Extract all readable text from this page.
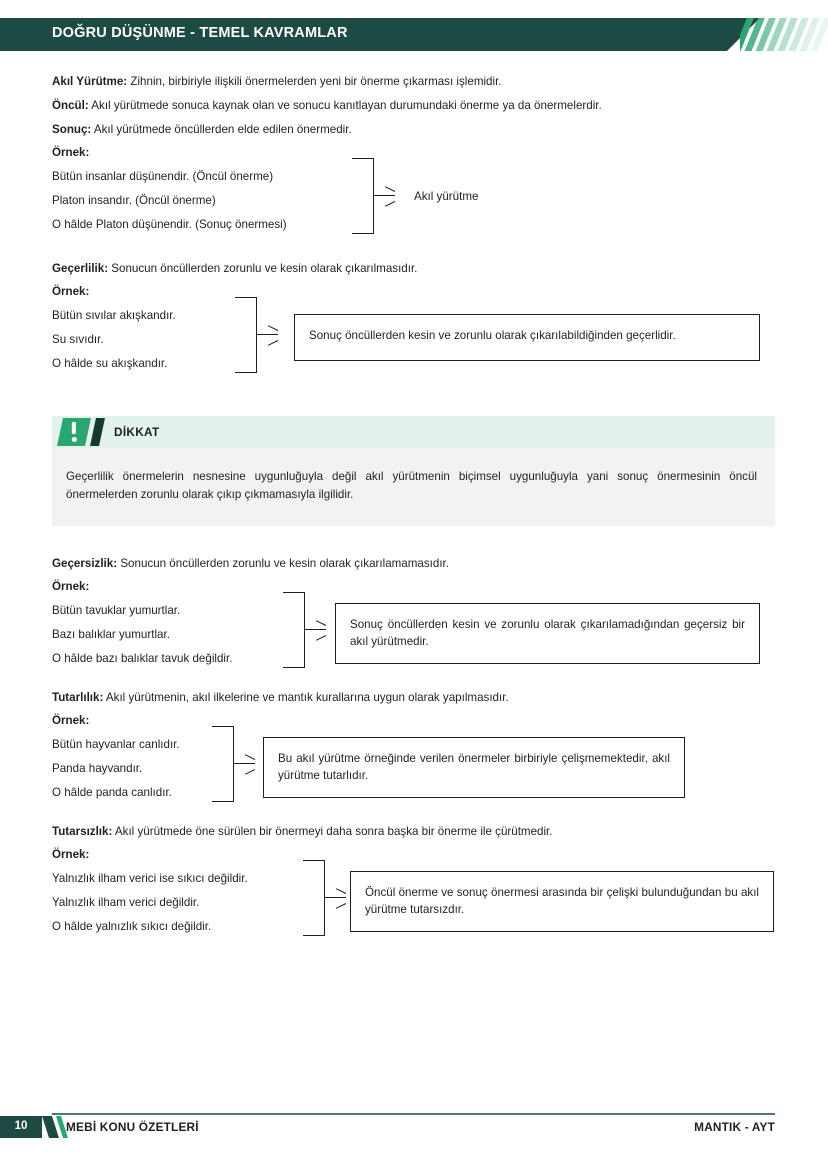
DOĞRU DÜŞÜNME - TEMEL KAVRAMLAR
Akıl Yürütme: Zihnin, birbiriyle ilişkili önermelerden yeni bir önerme çıkarması işlemidir.
Öncül: Akıl yürütmede sonuca kaynak olan ve sonucu kanıtlayan durumundaki önerme ya da önermelerdir.
Sonuç: Akıl yürütmede öncüllerden elde edilen önermedir.
Örnek:
Bütün insanlar düşünendir. (Öncül önerme)
Platon insandır. (Öncül önerme)
O hâlde Platon düşünendir. (Sonuç önermesi)
Akıl yürütme
Geçerlilik: Sonucun öncüllerden zorunlu ve kesin olarak çıkarılmasıdır.
Örnek:
Bütün sıvılar akışkandır.
Su sıvıdır.
O hâlde su akışkandır.

Sonuç öncüllerden kesin ve zorunlu olarak çıkarılabildiğinden geçerlidir.

DİKKAT

Geçerlilik önermelerin nesnesine uygunluğuyla değil akıl yürütmenin biçimsel uygunluğuyla yani sonuç önermesinin öncül önermelerden zorunlu olarak çıkıp çıkmamasıyla ilgilidir.

Geçersizlik: Sonucun öncüllerden zorunlu ve kesin olarak çıkarılamamasıdır.
Örnek:
Bütün tavuklar yumurtlar.
Bazı balıklar yumurtlar.
O hâlde bazı balıklar tavuk değildir.

Sonuç öncüllerden kesin ve zorunlu olarak çıkarılamadığından geçersiz bir akıl yürütmedir.

Tutarlılık: Akıl yürütmenin, akıl ilkelerine ve mantık kurallarına uygun olarak yapılmasıdır.
Örnek:
Bütün hayvanlar canlıdır.
Panda hayvandır.
O hâlde panda canlıdır.

Bu akıl yürütme örneğinde verilen önermeler birbiriyle çelişmemektedir, akıl yürütme tutarlıdır.

Tutarsızlık: Akıl yürütmede öne sürülen bir önermeyi daha sonra başka bir önerme ile çürütmedir.
Örnek:
Yalnızlık ilham verici ise sıkıcı değildir.
Yalnızlık ilham verici değildir.
O hâlde yalnızlık sıkıcı değildir.

Öncül önerme ve sonuç önermesi arasında bir çelişki bulunduğundan bu akıl yürütme tutarsızdır.

10	MEBİ KONU ÖZETLERİ	MANTIK - AYT
